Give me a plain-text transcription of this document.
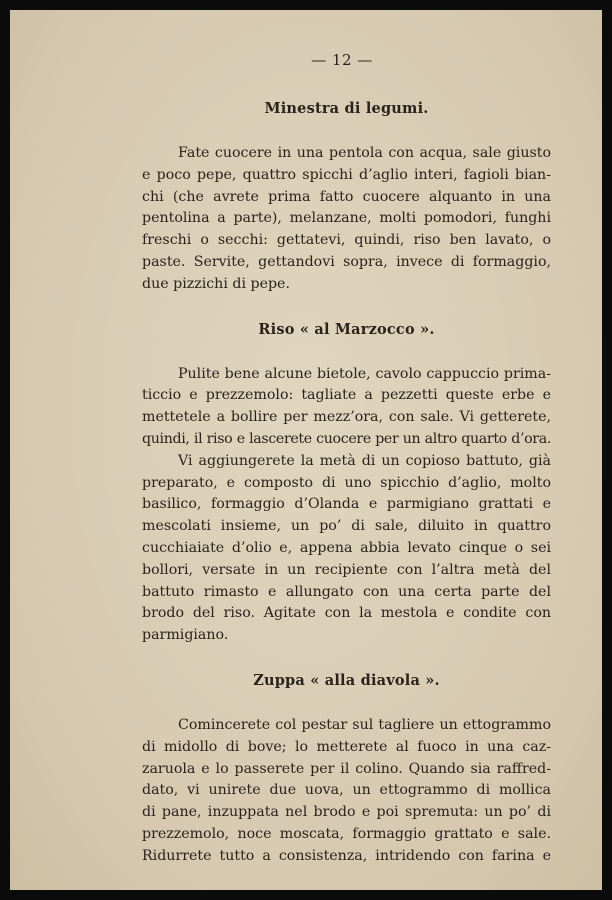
— 12 —
Minestra di legumi.
Fate cuocere in una pentola con acqua, sale giusto
e poco pepe, quattro spicchi d’aglio interi, fagioli bian-
chi (che avrete prima fatto cuocere alquanto in una
pentolina a parte), melanzane, molti pomodori, funghi
freschi o secchi: gettatevi, quindi, riso ben lavato, o
paste. Servite, gettandovi sopra, invece di formaggio,
due pizzichi di pepe.
Riso « al Marzocco ».
Pulite bene alcune bietole, cavolo cappuccio prima-
ticcio e prezzemolo: tagliate a pezzetti queste erbe e
mettetele a bollire per mezz’ora, con sale. Vi getterete,
quindi, il riso e lascerete cuocere per un altro quarto d’ora.
Vi aggiungerete la metà di un copioso battuto, già
preparato, e composto di uno spicchio d’aglio, molto
basilico, formaggio d’Olanda e parmigiano grattati e
mescolati insieme, un po’ di sale, diluito in quattro
cucchiaiate d’olio e, appena abbia levato cinque o sei
bollori, versate in un recipiente con l’altra metà del
battuto rimasto e allungato con una certa parte del
brodo del riso. Agitate con la mestola e condite con
parmigiano.
Zuppa « alla diavola ».
Comincerete col pestar sul tagliere un ettogrammo
di midollo di bove; lo metterete al fuoco in una caz-
zaruola e lo passerete per il colino. Quando sia raffred-
dato, vi unirete due uova, un ettogrammo di mollica
di pane, inzuppata nel brodo e poi spremuta: un po’ di
prezzemolo, noce moscata, formaggio grattato e sale.
Ridurrete tutto a consistenza, intridendo con farina e
